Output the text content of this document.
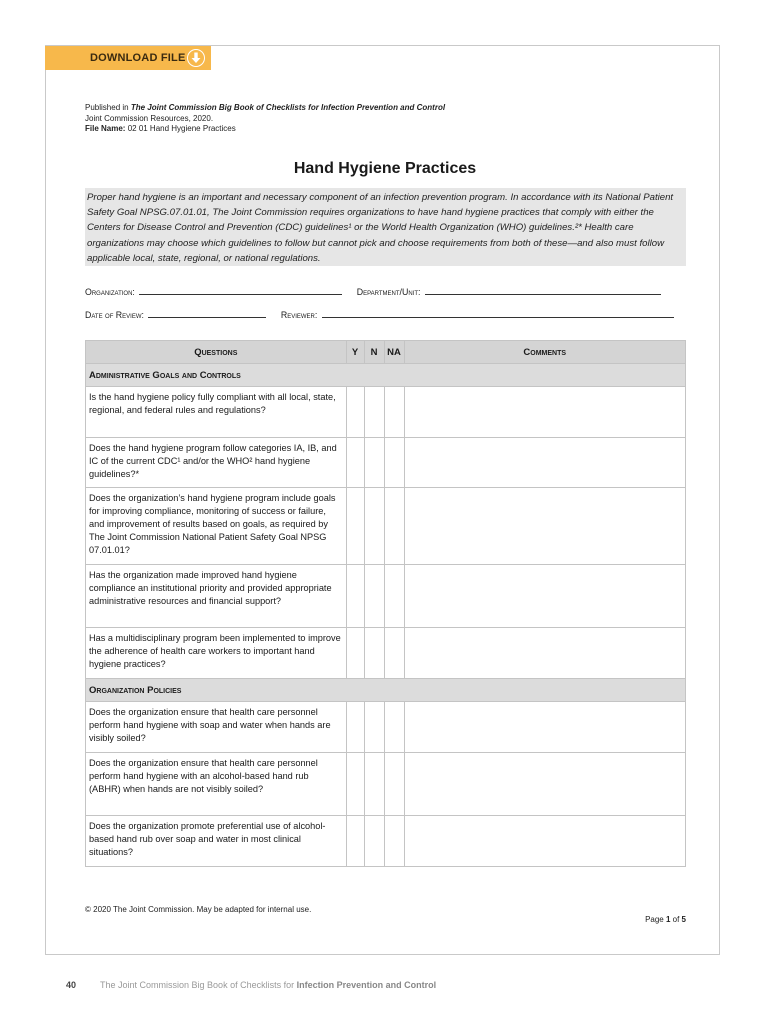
DOWNLOAD FILE
Published in The Joint Commission Big Book of Checklists for Infection Prevention and Control
Joint Commission Resources, 2020.
File Name: 02 01 Hand Hygiene Practices
Hand Hygiene Practices
Proper hand hygiene is an important and necessary component of an infection prevention program. In accordance with its National Patient Safety Goal NPSG.07.01.01, The Joint Commission requires organizations to have hand hygiene practices that comply with either the Centers for Disease Control and Prevention (CDC) guidelines¹ or the World Health Organization (WHO) guidelines.²* Health care organizations may choose which guidelines to follow but cannot pick and choose requirements from both of these—and also must follow applicable local, state, regional, or national regulations.
Organization:	Department/Unit:
Date of Review:	Reviewer:
Questions	Y	N	NA	Comments
Administrative Goals and Controls				
Is the hand hygiene policy fully compliant with all local, state, regional, and federal rules and regulations?				
Does the hand hygiene program follow categories IA, IB, and IC of the current CDC¹ and/or the WHO² hand hygiene guidelines?*				
Does the organization’s hand hygiene program include goals for improving compliance, monitoring of success or failure, and improvement of results based on goals, as required by The Joint Commission National Patient Safety Goal NPSG 07.01.01?				
Has the organization made improved hand hygiene compliance an institutional priority and provided appropriate administrative resources and financial support?				
Has a multidisciplinary program been implemented to improve the adherence of health care workers to important hand hygiene practices?				
Organization Policies				
Does the organization ensure that health care personnel perform hand hygiene with soap and water when hands are visibly soiled?				
Does the organization ensure that health care personnel perform hand hygiene with an alcohol-based hand rub (ABHR) when hands are not visibly soiled?				
Does the organization promote preferential use of alcohol-based hand rub over soap and water in most clinical situations?				
© 2020 The Joint Commission. May be adapted for internal use.
Page 1 of 5
40	The Joint Commission Big Book of Checklists for Infection Prevention and Control
